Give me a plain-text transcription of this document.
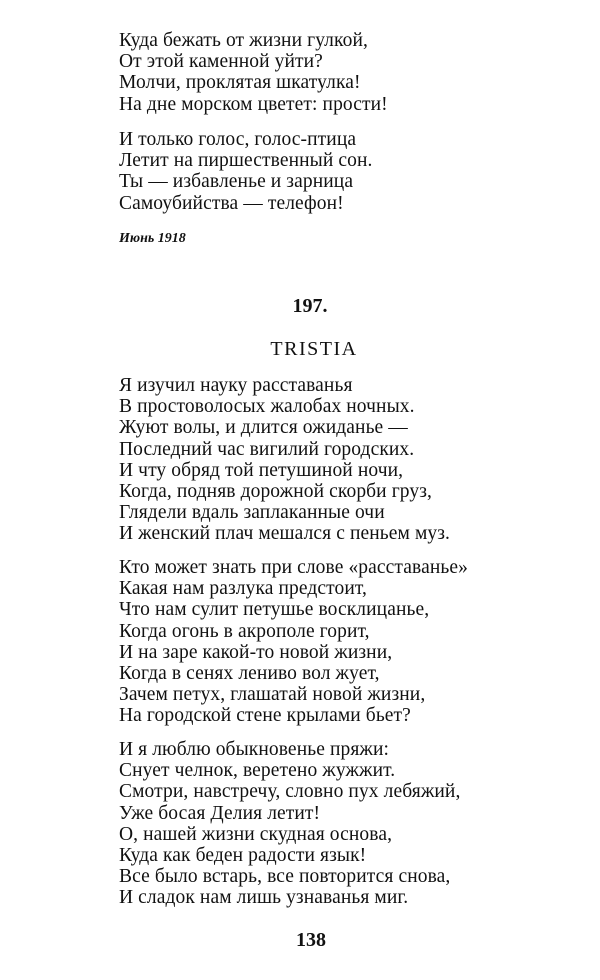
Куда бежать от жизни гулкой,
От этой каменной уйти?
Молчи, проклятая шкатулка!
На дне морском цветет: прости!
И только голос, голос-птица
Летит на пиршественный сон.
Ты — избавленье и зарница
Самоубийства — телефон!
Июнь 1918
197.
TRISTIA
Я изучил науку расставанья
В простоволосых жалобах ночных.
Жуют волы, и длится ожиданье —
Последний час вигилий городских.
И чту обряд той петушиной ночи,
Когда, подняв дорожной скорби груз,
Глядели вдаль заплаканные очи
И женский плач мешался с пеньем муз.
Кто может знать при слове «расставанье»
Какая нам разлука предстоит,
Что нам сулит петушье восклицанье,
Когда огонь в акрополе горит,
И на заре какой-то новой жизни,
Когда в сенях лениво вол жует,
Зачем петух, глашатай новой жизни,
На городской стене крылами бьет?
И я люблю обыкновенье пряжи:
Снует челнок, веретено жужжит.
Смотри, навстречу, словно пух лебяжий,
Уже босая Делия летит!
О, нашей жизни скудная основа,
Куда как беден радости язык!
Все было встарь, все повторится снова,
И сладок нам лишь узнаванья миг.
138
